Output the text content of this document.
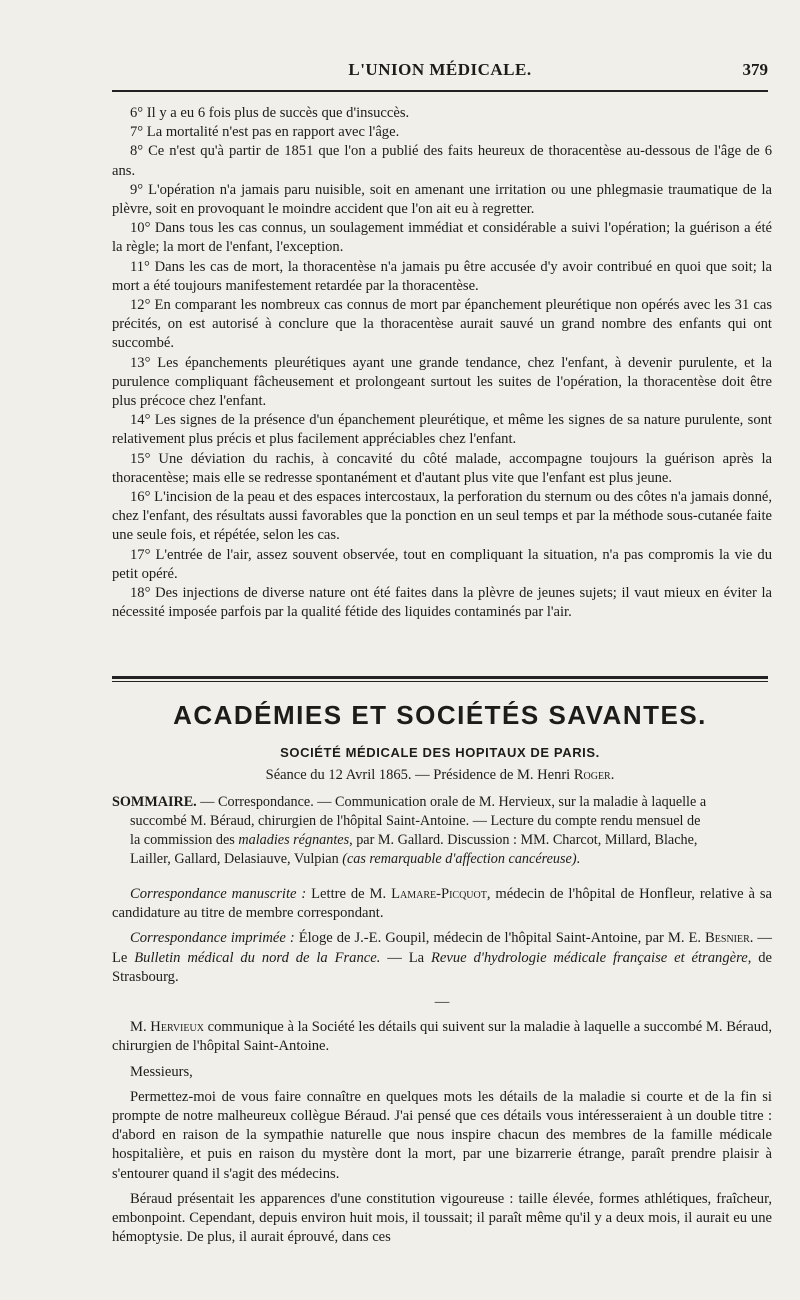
L'UNION MÉDICALE.	379

6° Il y a eu 6 fois plus de succès que d'insuccès.

7° La mortalité n'est pas en rapport avec l'âge.

8° Ce n'est qu'à partir de 1851 que l'on a publié des faits heureux de thoracentèse au-dessous de l'âge de 6 ans.

9° L'opération n'a jamais paru nuisible, soit en amenant une irritation ou une phlegmasie traumatique de la plèvre, soit en provoquant le moindre accident que l'on ait eu à regretter.

10° Dans tous les cas connus, un soulagement immédiat et considérable a suivi l'opération; la guérison a été la règle; la mort de l'enfant, l'exception.

11° Dans les cas de mort, la thoracentèse n'a jamais pu être accusée d'y avoir contribué en quoi que soit; la mort a été toujours manifestement retardée par la thoracentèse.

12° En comparant les nombreux cas connus de mort par épanchement pleurétique non opérés avec les 31 cas précités, on est autorisé à conclure que la thoracentèse aurait sauvé un grand nombre des enfants qui ont succombé.

13° Les épanchements pleurétiques ayant une grande tendance, chez l'enfant, à devenir purulente, et la purulence compliquant fâcheusement et prolongeant surtout les suites de l'opération, la thoracentèse doit être plus précoce chez l'enfant.

14° Les signes de la présence d'un épanchement pleurétique, et même les signes de sa nature purulente, sont relativement plus précis et plus facilement appréciables chez l'enfant.

15° Une déviation du rachis, à concavité du côté malade, accompagne toujours la guérison après la thoracentèse; mais elle se redresse spontanément et d'autant plus vite que l'enfant est plus jeune.

16° L'incision de la peau et des espaces intercostaux, la perforation du sternum ou des côtes n'a jamais donné, chez l'enfant, des résultats aussi favorables que la ponction en un seul temps et par la méthode sous-cutanée faite une seule fois, et répétée, selon les cas.

17° L'entrée de l'air, assez souvent observée, tout en compliquant la situation, n'a pas compromis la vie du petit opéré.

18° Des injections de diverse nature ont été faites dans la plèvre de jeunes sujets; il vaut mieux en éviter la nécessité imposée parfois par la qualité fétide des liquides contaminés par l'air.

ACADÉMIES ET SOCIÉTÉS SAVANTES.
SOCIÉTÉ MÉDICALE DES HOPITAUX DE PARIS.
Séance du 12 Avril 1865. — Présidence de M. Henri Roger.
SOMMAIRE. — Correspondance. — Communication orale de M. Hervieux, sur la maladie à laquelle a
succombé M. Béraud, chirurgien de l'hôpital Saint-Antoine. — Lecture du compte rendu mensuel de
la commission des maladies régnantes, par M. Gallard. Discussion : MM. Charcot, Millard, Blache,
Lailler, Gallard, Delasiauve, Vulpian (cas remarquable d'affection cancéreuse).

Correspondance manuscrite : Lettre de M. Lamare-Picquot, médecin de l'hôpital de Honfleur, relative à sa candidature au titre de membre correspondant.

Correspondance imprimée : Éloge de J.-E. Goupil, médecin de l'hôpital Saint-Antoine, par M. E. Besnier. — Le Bulletin médical du nord de la France. — La Revue d'hydrologie médicale française et étrangère, de Strasbourg.

—

M. Hervieux communique à la Société les détails qui suivent sur la maladie à laquelle a succombé M. Béraud, chirurgien de l'hôpital Saint-Antoine.

Messieurs,

Permettez-moi de vous faire connaître en quelques mots les détails de la maladie si courte et de la fin si prompte de notre malheureux collègue Béraud. J'ai pensé que ces détails vous intéresseraient à un double titre : d'abord en raison de la sympathie naturelle que nous inspire chacun des membres de la famille médicale hospitalière, et puis en raison du mystère dont la mort, par une bizarrerie étrange, paraît prendre plaisir à s'entourer quand il s'agit des médecins.

Béraud présentait les apparences d'une constitution vigoureuse : taille élevée, formes athlétiques, fraîcheur, embonpoint. Cependant, depuis environ huit mois, il toussait; il paraît même qu'il y a deux mois, il aurait eu une hémoptysie. De plus, il aurait éprouvé, dans ces
